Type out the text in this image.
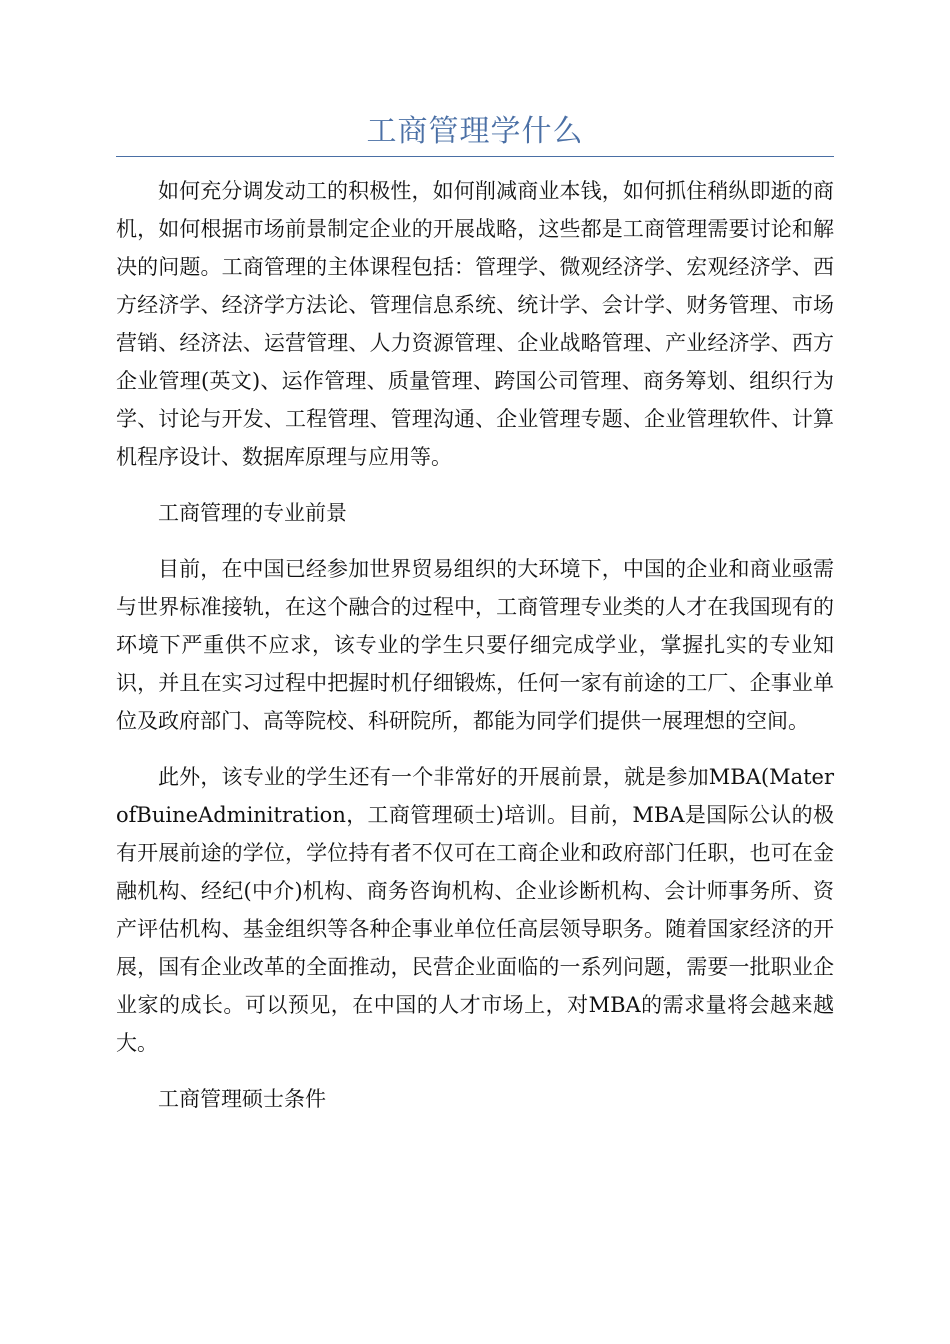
工商管理学什么

如何充分调发动工的积极性，如何削减商业本钱，如何抓住稍纵即逝的商机，如何根据市场前景制定企业的开展战略，这些都是工商管理需要讨论和解决的问题。工商管理的主体课程包括：管理学、微观经济学、宏观经济学、西方经济学、经济学方法论、管理信息系统、统计学、会计学、财务管理、市场营销、经济法、运营管理、人力资源管理、企业战略管理、产业经济学、西方企业管理(英文)、运作管理、质量管理、跨国公司管理、商务筹划、组织行为学、讨论与开发、工程管理、管理沟通、企业管理专题、企业管理软件、计算机程序设计、数据库原理与应用等。

工商管理的专业前景

目前，在中国已经参加世界贸易组织的大环境下，中国的企业和商业亟需与世界标准接轨，在这个融合的过程中，工商管理专业类的人才在我国现有的环境下严重供不应求，该专业的学生只要仔细完成学业，掌握扎实的专业知识，并且在实习过程中把握时机仔细锻炼，任何一家有前途的工厂、企事业单位及政府部门、高等院校、科研院所，都能为同学们提供一展理想的空间。

此外，该专业的学生还有一个非常好的开展前景，就是参加MBA(MaterofBuineAdminitration，工商管理硕士)培训。目前，MBA是国际公认的极有开展前途的学位，学位持有者不仅可在工商企业和政府部门任职，也可在金融机构、经纪(中介)机构、商务咨询机构、企业诊断机构、会计师事务所、资产评估机构、基金组织等各种企事业单位任高层领导职务。随着国家经济的开展，国有企业改革的全面推动，民营企业面临的一系列问题，需要一批职业企业家的成长。可以预见，在中国的人才市场上，对MBA的需求量将会越来越大。

工商管理硕士条件
